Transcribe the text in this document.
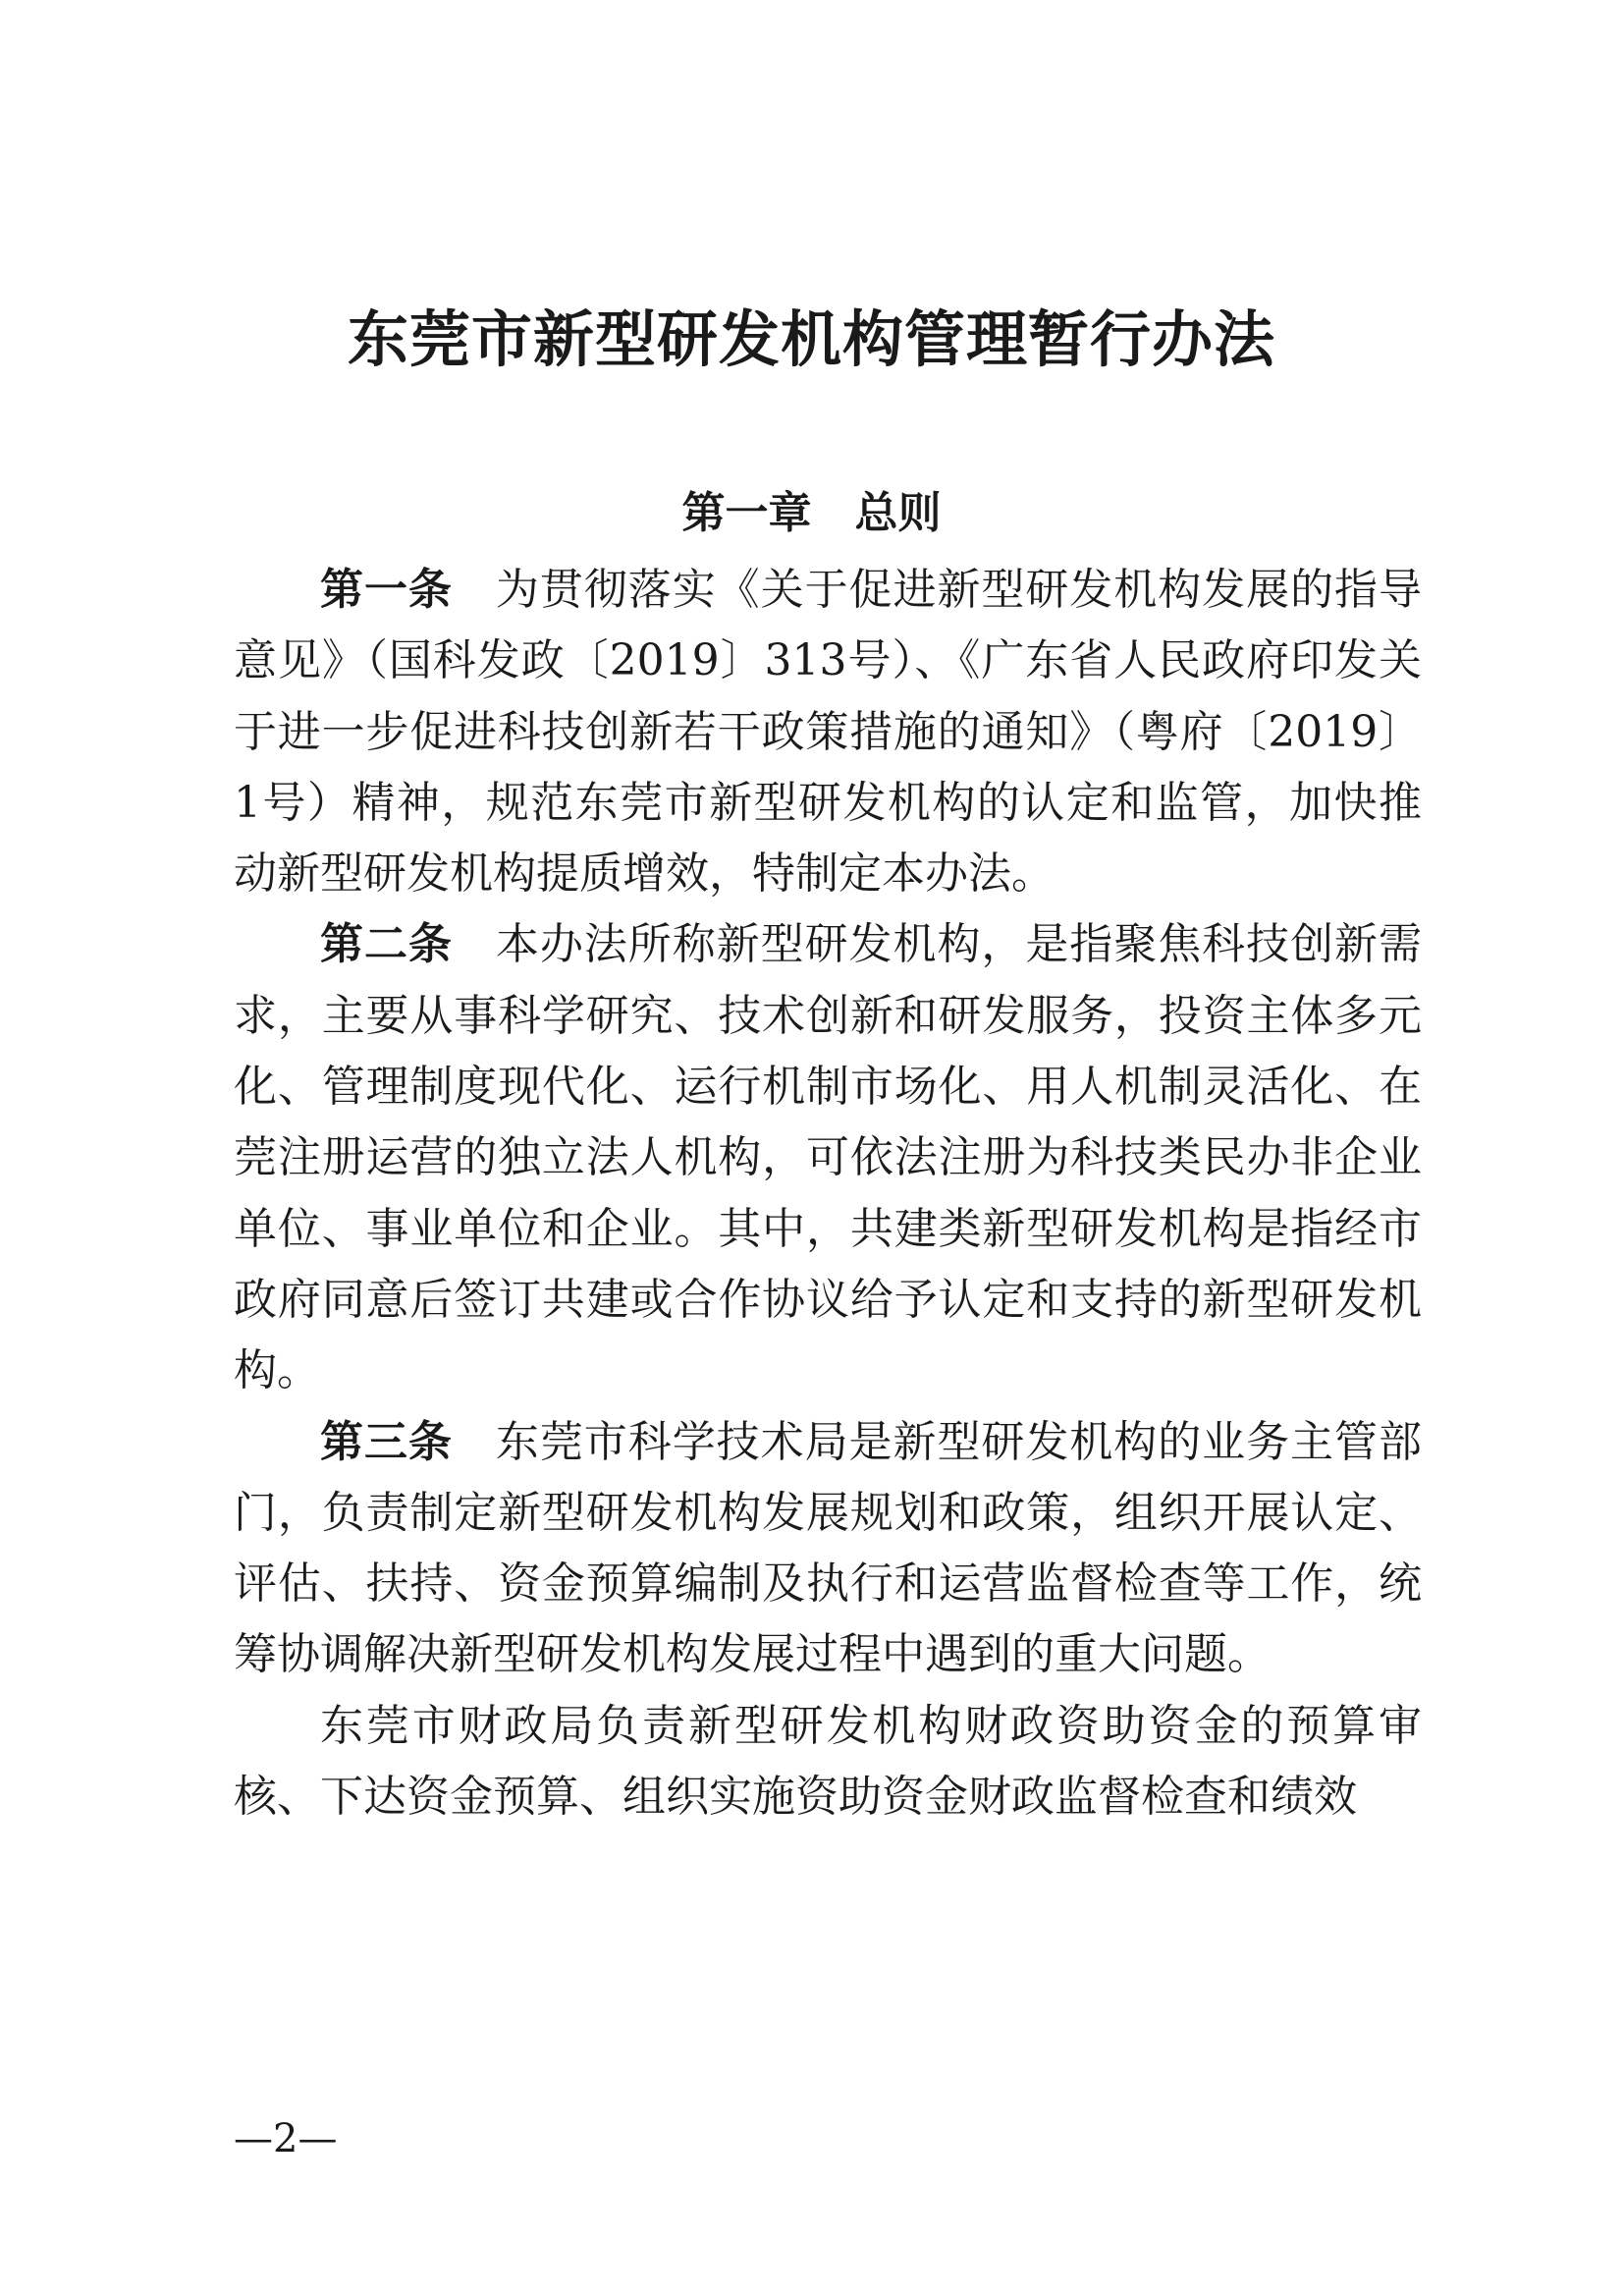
东莞市新型研发机构管理暂行办法
第一章　总则

第一条 为贯彻落实《关于促进新型研发机构发展的指导意见》（国科发政〔2019〕313号）、《广东省人民政府印发关于进一步促进科技创新若干政策措施的通知》（粤府〔2019〕1号）精神，规范东莞市新型研发机构的认定和监管，加快推动新型研发机构提质增效，特制定本办法。

第二条 本办法所称新型研发机构，是指聚焦科技创新需求，主要从事科学研究、技术创新和研发服务，投资主体多元化、管理制度现代化、运行机制市场化、用人机制灵活化、在莞注册运营的独立法人机构，可依法注册为科技类民办非企业单位、事业单位和企业。其中，共建类新型研发机构是指经市政府同意后签订共建或合作协议给予认定和支持的新型研发机构。

第三条 东莞市科学技术局是新型研发机构的业务主管部门，负责制定新型研发机构发展规划和政策，组织开展认定、评估、扶持、资金预算编制及执行和运营监督检查等工作，统筹协调解决新型研发机构发展过程中遇到的重大问题。

东莞市财政局负责新型研发机构财政资助资金的预算审核、下达资金预算、组织实施资助资金财政监督检查和绩效

—2—
